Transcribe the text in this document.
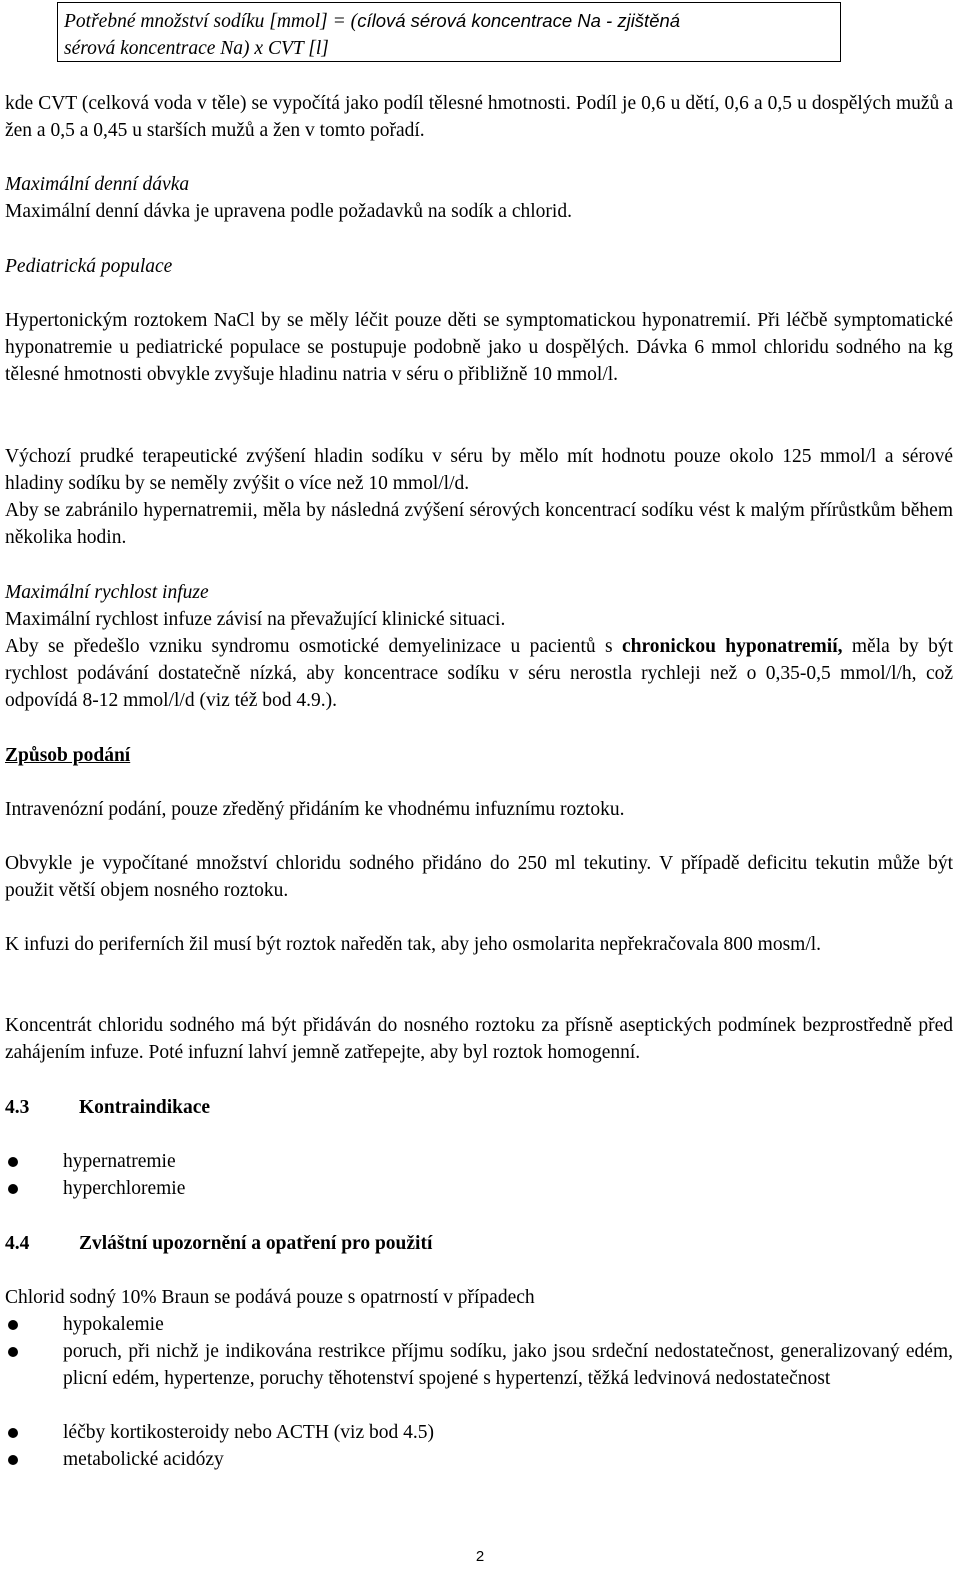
Potřebné množství sodíku [mmol] = (cílová sérová koncentrace Na - zjištěná
sérová koncentrace Na) x CVT [l]

kde CVT (celková voda v těle) se vypočítá jako podíl tělesné hmotnosti. Podíl je 0,6 u dětí, 0,6 a 0,5 u dospělých mužů a žen a 0,5 a 0,45 u starších mužů a žen v tomto pořadí.

Maximální denní dávka

Maximální denní dávka je upravena podle požadavků na sodík a chlorid.

Pediatrická populace

Hypertonickým roztokem NaCl by se měly léčit pouze děti se symptomatickou hyponatremií. Při léčbě symptomatické hyponatremie u pediatrické populace se postupuje podobně jako u dospělých. Dávka 6 mmol chloridu sodného na kg tělesné hmotnosti obvykle zvyšuje hladinu natria v séru o přibližně 10 mmol/l.

Výchozí prudké terapeutické zvýšení hladin sodíku v séru by mělo mít hodnotu pouze okolo 125 mmol/l a sérové hladiny sodíku by se neměly zvýšit o více než 10 mmol/l/d.

Aby se zabránilo hypernatremii, měla by následná zvýšení sérových koncentrací sodíku vést k malým přírůstkům během několika hodin.

Maximální rychlost infuze

Maximální rychlost infuze závisí na převažující klinické situaci.

Aby se předešlo vzniku syndromu osmotické demyelinizace u pacientů s chronickou hyponatremií, měla by být rychlost podávání dostatečně nízká, aby koncentrace sodíku v séru nerostla rychleji než o 0,35-0,5 mmol/l/h, což odpovídá 8-12 mmol/l/d (viz též bod 4.9.).

Způsob podání

Intravenózní podání, pouze zředěný přidáním ke vhodnému infuznímu roztoku.

Obvykle je vypočítané množství chloridu sodného přidáno do 250 ml tekutiny. V případě deficitu tekutin může být použit větší objem nosného roztoku.

K infuzi do periferních žil musí být roztok naředěn tak, aby jeho osmolarita nepřekračovala 800 mosm/l.

Koncentrát chloridu sodného má být přidáván do nosného roztoku za přísně aseptických podmínek bezprostředně před zahájením infuze. Poté infuzní lahví jemně zatřepejte, aby byl roztok homogenní.

4.3	Kontraindikace
hypernatremie
hyperchloremie
4.4	Zvláštní upozornění a opatření pro použití

Chlorid sodný 10% Braun se podává pouze s opatrností v případech

hypokalemie
poruch, při nichž je indikována restrikce příjmu sodíku, jako jsou srdeční nedostatečnost, generalizovaný edém, plicní edém, hypertenze, poruchy těhotenství spojené s hypertenzí, těžká ledvinová nedostatečnost
léčby kortikosteroidy nebo ACTH (viz bod 4.5)
metabolické acidózy
2
